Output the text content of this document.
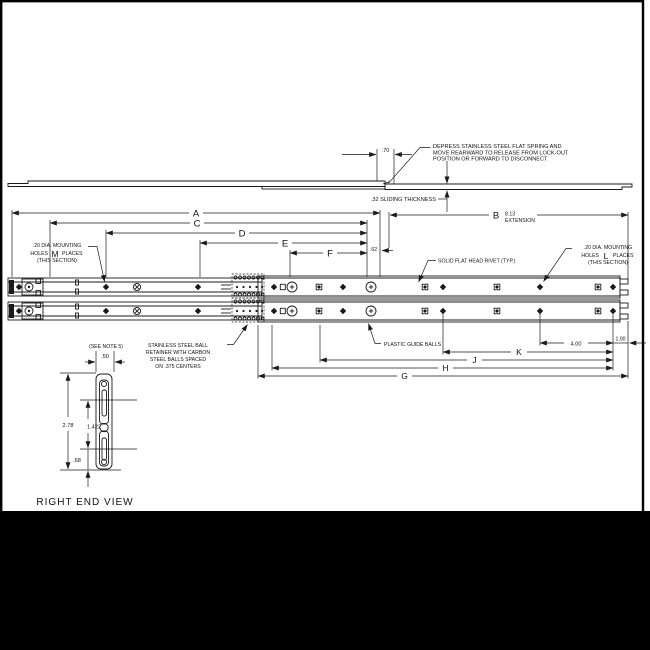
.70
DEPRESS STAINLESS STEEL FLAT SPRING AND
MOVE REARWARD TO RELEASE FROM LOCK-OUT
POSITION OR FORWARD TO DISCONNECT
.32 SLIDING THICKNESS
A
C
D
E
F	.62
B 8.13
EXTENSION
.20 DIA. MOUNTING
HOLES M PLACES
(THIS SECTION)
.20 DIA. MOUNTING
HOLES L PLACES
(THIS SECTION)
SOLID FLAT HEAD RIVET (TYP.)
STAINLESS STEEL BALL
RETAINER WITH CARBON
STEEL BALLS SPACED
ON .375 CENTERS
PLASTIC GUIDE BALLS	4.00
1.00
K
J
H
G
(SEE NOTE 5)
.50
2.78 1.422
.68
RIGHT END VIEW
